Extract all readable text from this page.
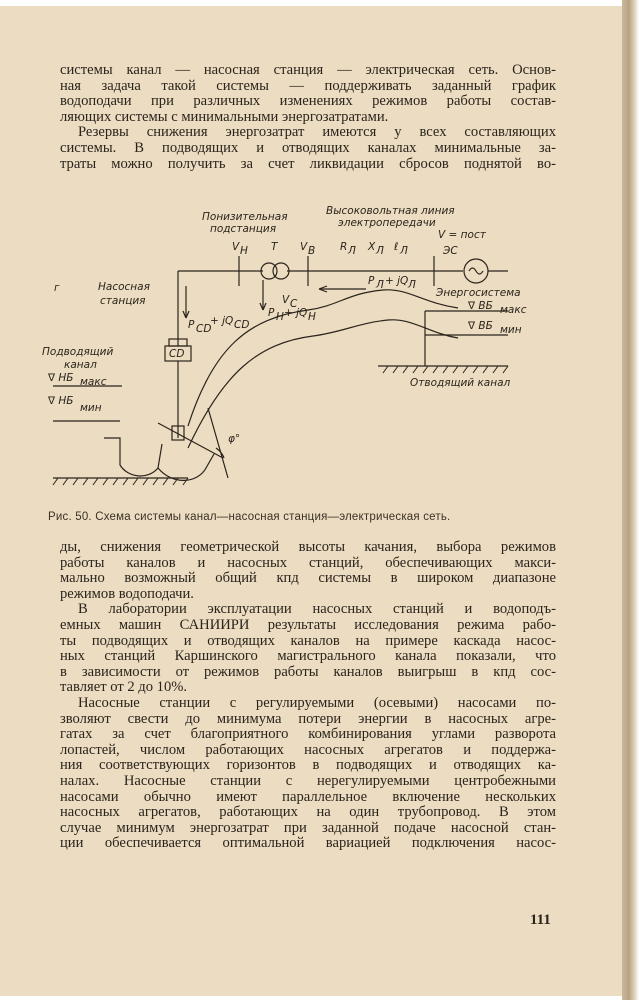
системы канал — насосная станция — электрическая сеть. Основ-
ная задача такой системы — поддерживать заданный график
водоподачи при различных изменениях режимов работы состав-
ляющих системы с минимальными энергозатратами.
Резервы снижения энергозатрат имеются у всех составляющих
системы. В подводящих и отводящих каналах минимальные за-
траты можно получить за счет ликвидации сбросов поднятой во-
Понизительная
подстанция
Высоковольтная линия
электропередачи
V Н T V В R Л X Л ℓ Л
V = пост
ЭС
P Л + jQ Л
V С
г	Насосная
станция
P СD
+ jQ СD
P Н + jQ Н
CD
Подводящий
канал
∇ НБ макс
∇ НБ
мин
Энергосистема
∇ ВБ макс
∇ ВБ мин
Отводящий канал
φ°
Рис. 50. Схема системы канал—насосная станция—электрическая сеть.
ды, снижения геометрической высоты качания, выбора режимов
работы каналов и насосных станций, обеспечивающих макси-
мально возможный общий кпд системы в широком диапазоне
режимов водоподачи.
В лаборатории эксплуатации насосных станций и водоподъ-
емных машин САНИИРИ результаты исследования режима рабо-
ты подводящих и отводящих каналов на примере каскада насос-
ных станций Каршинского магистрального канала показали, что
в зависимости от режимов работы каналов выигрыш в кпд сос-
тавляет от 2 до 10%.
Насосные станции с регулируемыми (осевыми) насосами по-
зволяют свести до минимума потери энергии в насосных агре-
гатах за счет благоприятного комбинирования углами разворота
лопастей, числом работающих насосных агрегатов и поддержа-
ния соответствующих горизонтов в подводящих и отводящих ка-
налах. Насосные станции с нерегулируемыми центробежными
насосами обычно имеют параллельное включение нескольких
насосных агрегатов, работающих на один трубопровод. В этом
случае минимум энергозатрат при заданной подаче насосной стан-
ции обеспечивается оптимальной вариацией подключения насос-
111
